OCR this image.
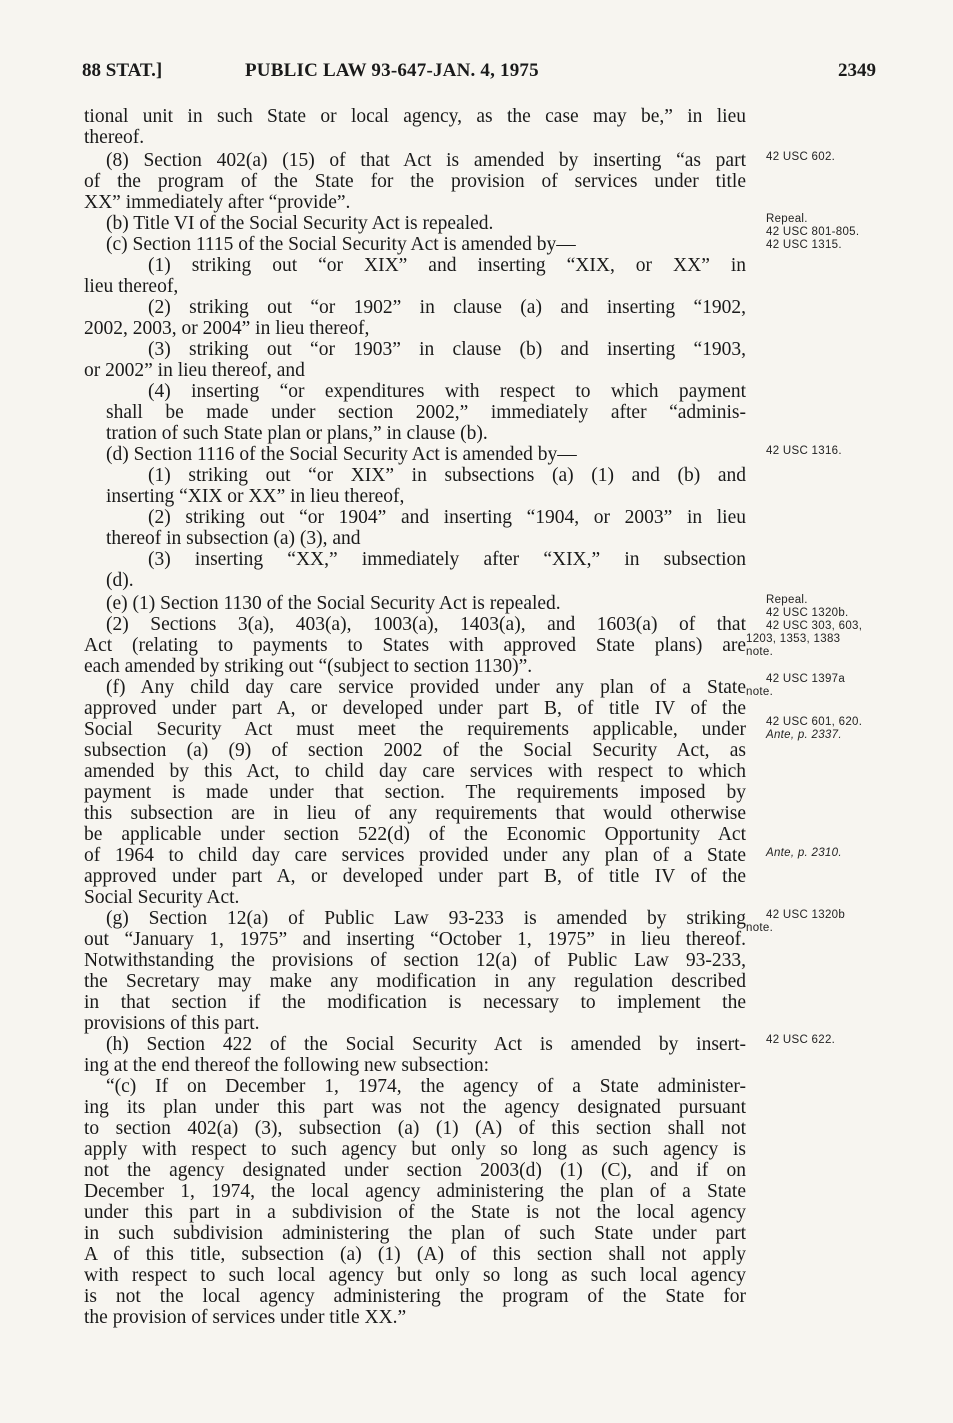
88 STAT.]	PUBLIC LAW 93-647-JAN. 4, 1975	2349
tional unit in such State or local agency, as the case may be,” in lieu
thereof.
(8) Section 402(a) (15) of that Act is amended by inserting “as part
of the program of the State for the provision of services under title
XX” immediately after “provide”.
(b) Title VI of the Social Security Act is repealed.
(c) Section 1115 of the Social Security Act is amended by—
(1) striking out “or XIX” and inserting “XIX, or XX” in
lieu thereof,
(2) striking out “or 1902” in clause (a) and inserting “1902,
2002, 2003, or 2004” in lieu thereof,
(3) striking out “or 1903” in clause (b) and inserting “1903,
or 2002” in lieu thereof, and
(4) inserting “or expenditures with respect to which payment
shall be made under section 2002,” immediately after “adminis-
tration of such State plan or plans,” in clause (b).
(d) Section 1116 of the Social Security Act is amended by—
(1) striking out “or XIX” in subsections (a) (1) and (b) and
inserting “XIX or XX” in lieu thereof,
(2) striking out “or 1904” and inserting “1904, or 2003” in lieu
thereof in subsection (a) (3), and
(3) inserting “XX,” immediately after “XIX,” in subsection
(d).
(e) (1) Section 1130 of the Social Security Act is repealed.
(2) Sections 3(a), 403(a), 1003(a), 1403(a), and 1603(a) of that
Act (relating to payments to States with approved State plans) are
each amended by striking out “(subject to section 1130)”.
(f) Any child day care service provided under any plan of a State
approved under part A, or developed under part B, of title IV of the
Social Security Act must meet the requirements applicable, under
subsection (a) (9) of section 2002 of the Social Security Act, as
amended by this Act, to child day care services with respect to which
payment is made under that section. The requirements imposed by
this subsection are in lieu of any requirements that would otherwise
be applicable under section 522(d) of the Economic Opportunity Act
of 1964 to child day care services provided under any plan of a State
approved under part A, or developed under part B, of title IV of the
Social Security Act.
(g) Section 12(a) of Public Law 93-233 is amended by striking
out “January 1, 1975” and inserting “October 1, 1975” in lieu thereof.
Notwithstanding the provisions of section 12(a) of Public Law 93-233,
the Secretary may make any modification in any regulation described
in that section if the modification is necessary to implement the
provisions of this part.
(h) Section 422 of the Social Security Act is amended by insert-
ing at the end thereof the following new subsection:
“(c) If on December 1, 1974, the agency of a State administer-
ing its plan under this part was not the agency designated pursuant
to section 402(a) (3), subsection (a) (1) (A) of this section shall not
apply with respect to such agency but only so long as such agency is
not the agency designated under section 2003(d) (1) (C), and if on
December 1, 1974, the local agency administering the plan of a State
under this part in a subdivision of the State is not the local agency
in such subdivision administering the plan of such State under part
A of this title, subsection (a) (1) (A) of this section shall not apply
with respect to such local agency but only so long as such local agency
is not the local agency administering the program of the State for
the provision of services under title XX.”
42 USC 602.
Repeal.
42 USC 801-805.
42 USC 1315.
42 USC 1316.
Repeal.
42 USC 1320b.
42 USC 303, 603,
1203, 1353, 1383
note.
42 USC 1397a
note.
42 USC 601, 620.
Ante, p. 2337.
Ante, p. 2310.
42 USC 1320b
note.
42 USC 622.
